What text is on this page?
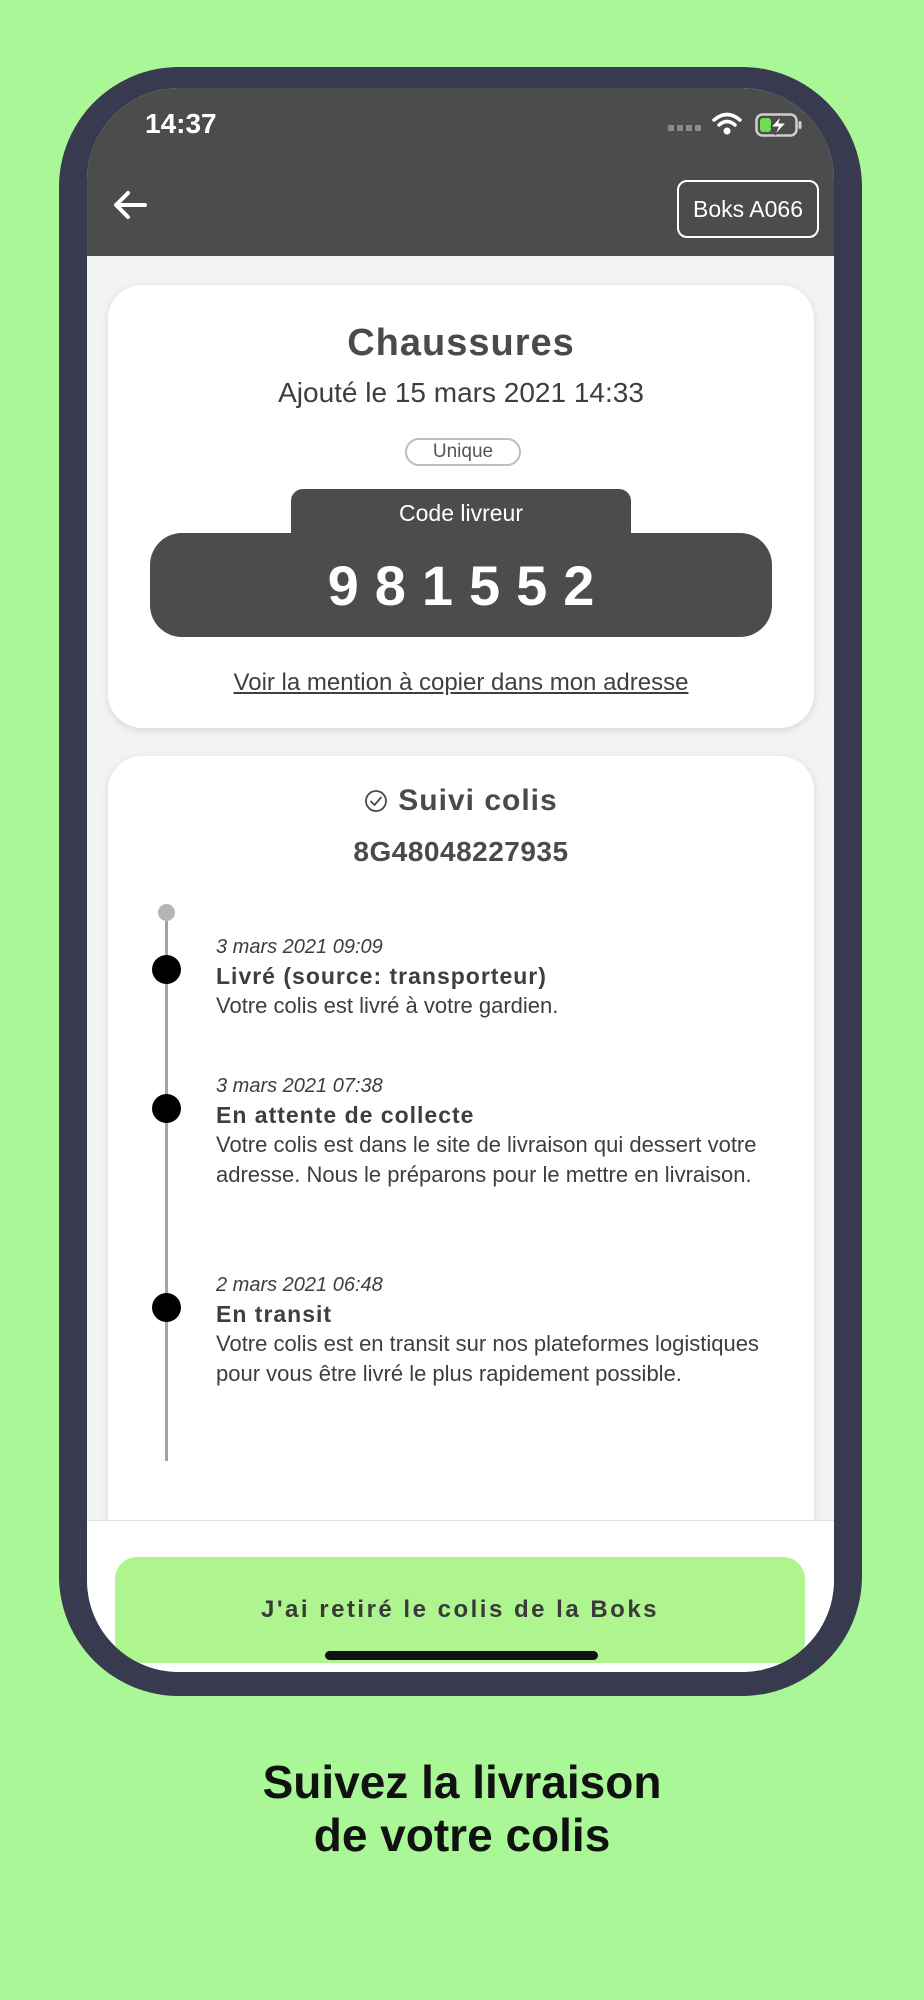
14:37
Boks A066
Chaussures
Ajouté le 15 mars 2021 14:33
Unique
Code livreur
981552
Voir la mention à copier dans mon adresse
Suivi colis
8G48048227935
3 mars 2021 09:09
Livré (source: transporteur)
Votre colis est livré à votre gardien.
3 mars 2021 07:38
En attente de collecte
Votre colis est dans le site de livraison qui dessert votre adresse. Nous le préparons pour le mettre en livraison.
2 mars 2021 06:48
En transit
Votre colis est en transit sur nos plateformes logistiques pour vous être livré le plus rapidement possible.
J'ai retiré le colis de la Boks
Suivez la livraison
de votre colis
